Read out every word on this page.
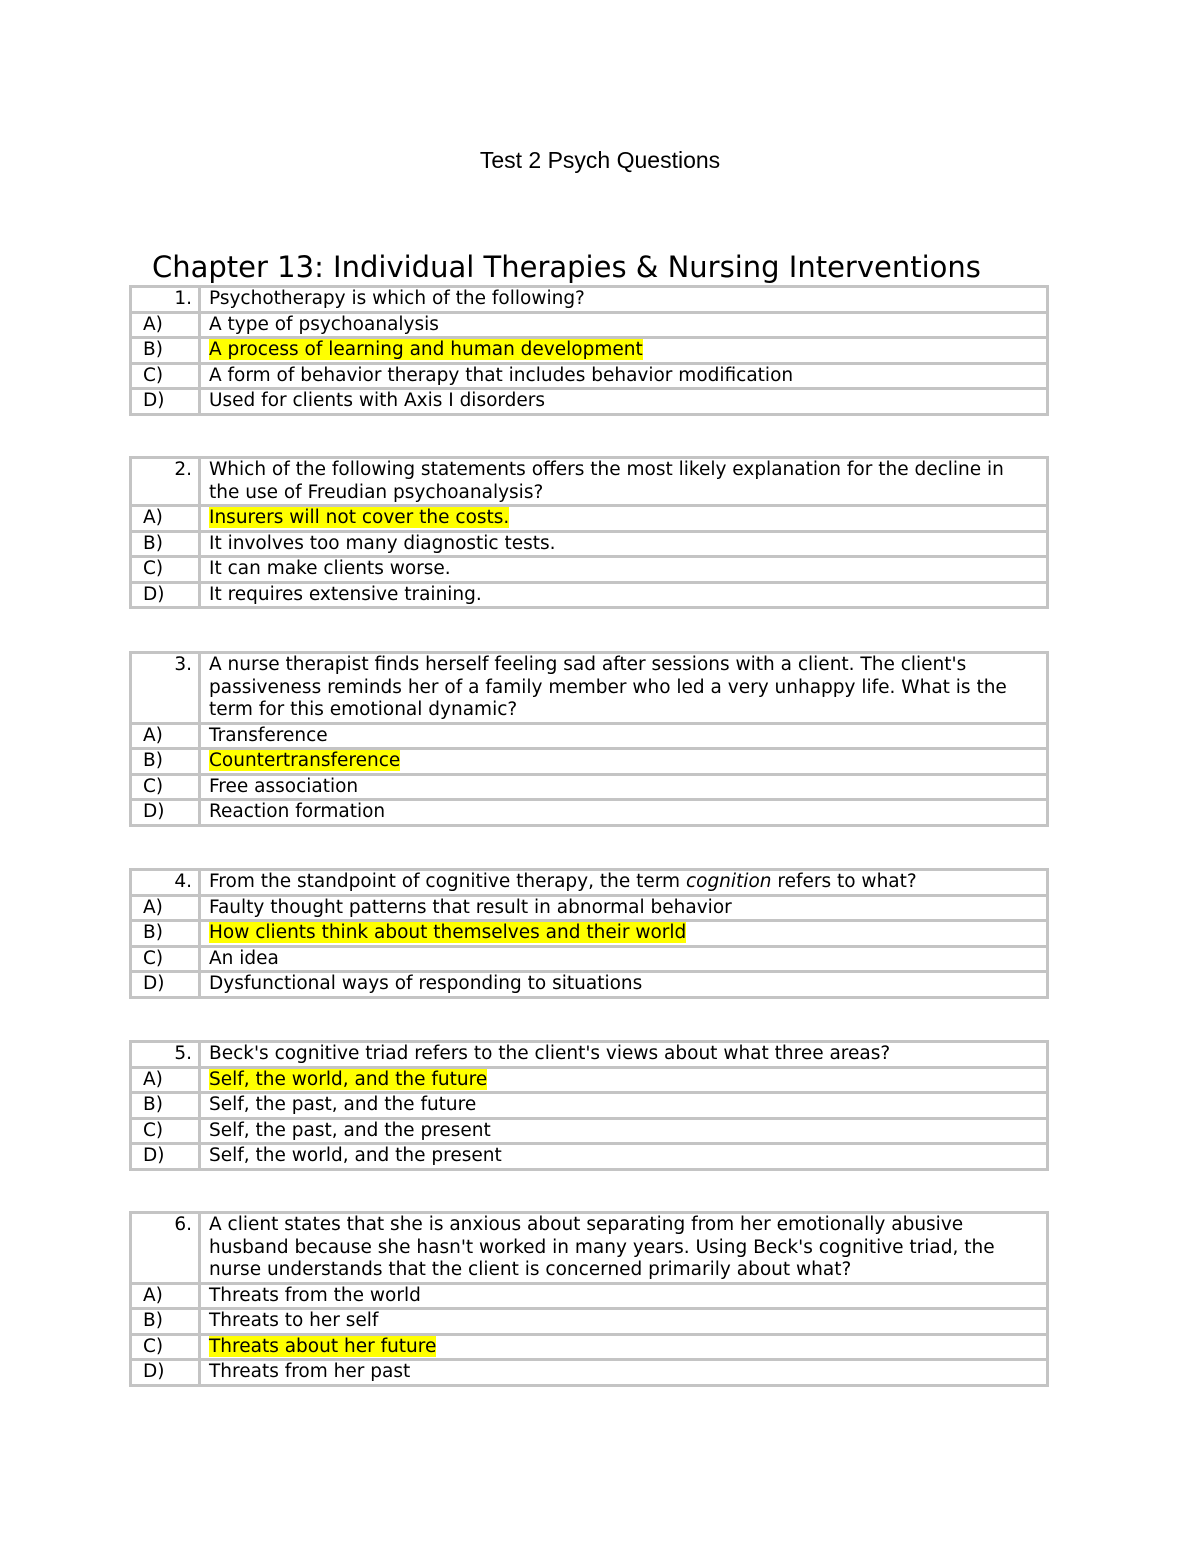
Test 2 Psych Questions
Chapter 13: Individual Therapies & Nursing Interventions
1.	Psychotherapy is which of the following?
A)	A type of psychoanalysis
B)	A process of learning and human development
C)	A form of behavior therapy that includes behavior modification
D)	Used for clients with Axis I disorders
2.	Which of the following statements offers the most likely explanation for the decline in the use of Freudian psychoanalysis?
A)	Insurers will not cover the costs.
B)	It involves too many diagnostic tests.
C)	It can make clients worse.
D)	It requires extensive training.
3.	A nurse therapist finds herself feeling sad after sessions with a client. The client's passiveness reminds her of a family member who led a very unhappy life. What is the term for this emotional dynamic?
A)	Transference
B)	Countertransference
C)	Free association
D)	Reaction formation
4.	From the standpoint of cognitive therapy, the term cognition refers to what?
A)	Faulty thought patterns that result in abnormal behavior
B)	How clients think about themselves and their world
C)	An idea
D)	Dysfunctional ways of responding to situations
5.	Beck's cognitive triad refers to the client's views about what three areas?
A)	Self, the world, and the future
B)	Self, the past, and the future
C)	Self, the past, and the present
D)	Self, the world, and the present
6.	A client states that she is anxious about separating from her emotionally abusive husband because she hasn't worked in many years. Using Beck's cognitive triad, the nurse understands that the client is concerned primarily about what?
A)	Threats from the world
B)	Threats to her self
C)	Threats about her future
D)	Threats from her past
